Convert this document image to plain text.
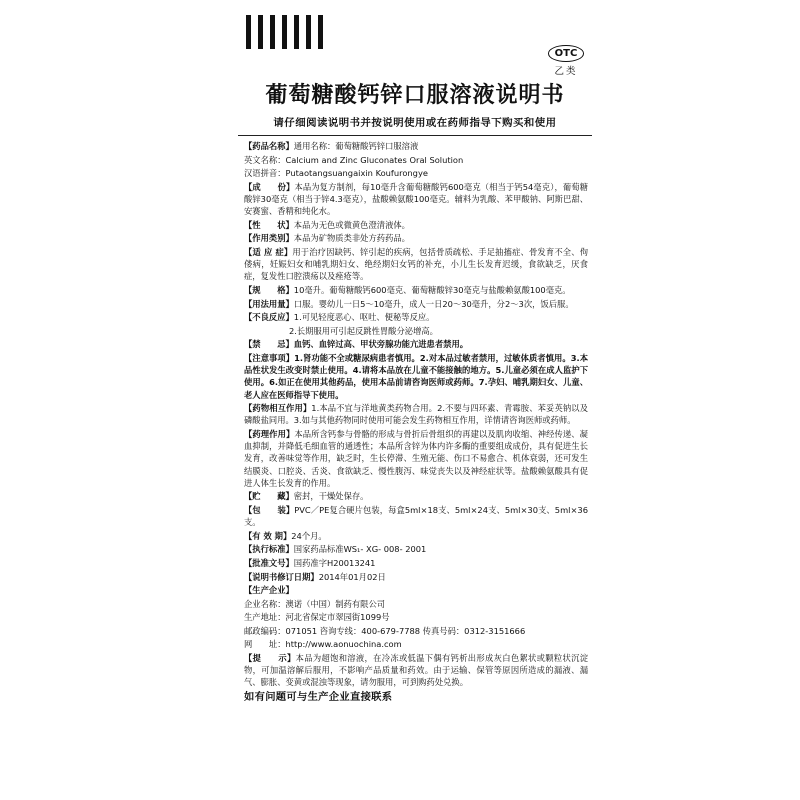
OTC
乙类
葡萄糖酸钙锌口服溶液说明书
请仔细阅读说明书并按说明使用或在药师指导下购买和使用
【药品名称】通用名称：葡萄糖酸钙锌口服溶液
英文名称：Calcium and Zinc Gluconates Oral Solution
汉语拼音：Putaotangsuangaixin Koufurongye
【成　　份】本品为复方制剂，每10毫升含葡萄糖酸钙600毫克（相当于钙54毫克），葡萄糖酸锌30毫克（相当于锌4.3毫克），盐酸赖氨酸100毫克。辅料为乳酸、苯甲酸钠、阿斯巴甜、安赛蜜、香精和纯化水。
【性　　状】本品为无色或微黄色澄清液体。
【作用类别】本品为矿物质类非处方药药品。
【适 应 症】用于治疗因缺钙、锌引起的疾病，包括骨质疏松、手足抽搐症、骨发育不全、佝偻病，妊娠妇女和哺乳期妇女、绝经期妇女钙的补充，小儿生长发育迟缓，食欲缺乏，厌食症，复发性口腔溃疡以及痤疮等。
【规　　格】10毫升。葡萄糖酸钙600毫克、葡萄糖酸锌30毫克与盐酸赖氨酸100毫克。
【用法用量】口服。婴幼儿一日5～10毫升，成人一日20～30毫升，分2～3次，饭后服。
【不良反应】1.可见轻度恶心、呕吐、便秘等反应。
2.长期服用可引起反跳性胃酸分泌增高。
【禁　　忌】血钙、血锌过高、甲状旁腺功能亢进患者禁用。
【注意事项】1.肾功能不全或糖尿病患者慎用。2.对本品过敏者禁用，过敏体质者慎用。3.本品性状发生改变时禁止使用。4.请将本品放在儿童不能接触的地方。5.儿童必须在成人监护下使用。6.如正在使用其他药品，使用本品前请咨询医师或药师。7.孕妇、哺乳期妇女、儿童、老人应在医师指导下使用。
【药物相互作用】1.本品不宜与洋地黄类药物合用。2.不要与四环素、青霉胺、苯妥英钠以及磷酸盐同用。3.如与其他药物同时使用可能会发生药物相互作用，详情请咨询医师或药师。
【药理作用】本品所含钙参与骨骼的形成与骨折后骨组织的再建以及肌肉收缩、神经传递、凝血抑制，并降低毛细血管的通透性；本品所含锌为体内许多酶的重要组成成份，具有促进生长发育，改善味觉等作用，缺乏时，生长停滞、生殖无能、伤口不易愈合、机体衰弱，还可发生结膜炎、口腔炎、舌炎、食欲缺乏、慢性腹泻、味觉丧失以及神经症状等。盐酸赖氨酸具有促进人体生长发育的作用。
【贮　　藏】密封，干燥处保存。
【包　　装】PVC／PE复合硬片包装，每盒5ml×18支、5ml×24支、5ml×30支、5ml×36支。
【有 效 期】24个月。
【执行标准】国家药品标准WS₁- XG- 008- 2001
【批准文号】国药准字H20013241
【说明书修订日期】2014年01月02日
【生产企业】
企业名称：澳诺（中国）制药有限公司
生产地址：河北省保定市翠园街1099号
邮政编码：071051 咨询专线：400-679-7788 传真号码：0312-3151666
网　　址：http://www.aonuochina.com
【提　　示】本品为超饱和溶液，在冷冻或低温下偶有钙析出形成灰白色絮状或颗粒状沉淀物，可加温溶解后服用，不影响产品质量和药效。由于运输、保管等原因所造成的漏液、漏气、膨胀、变黄或混浊等现象，请勿服用，可到购药处兑换。
如有问题可与生产企业直接联系
